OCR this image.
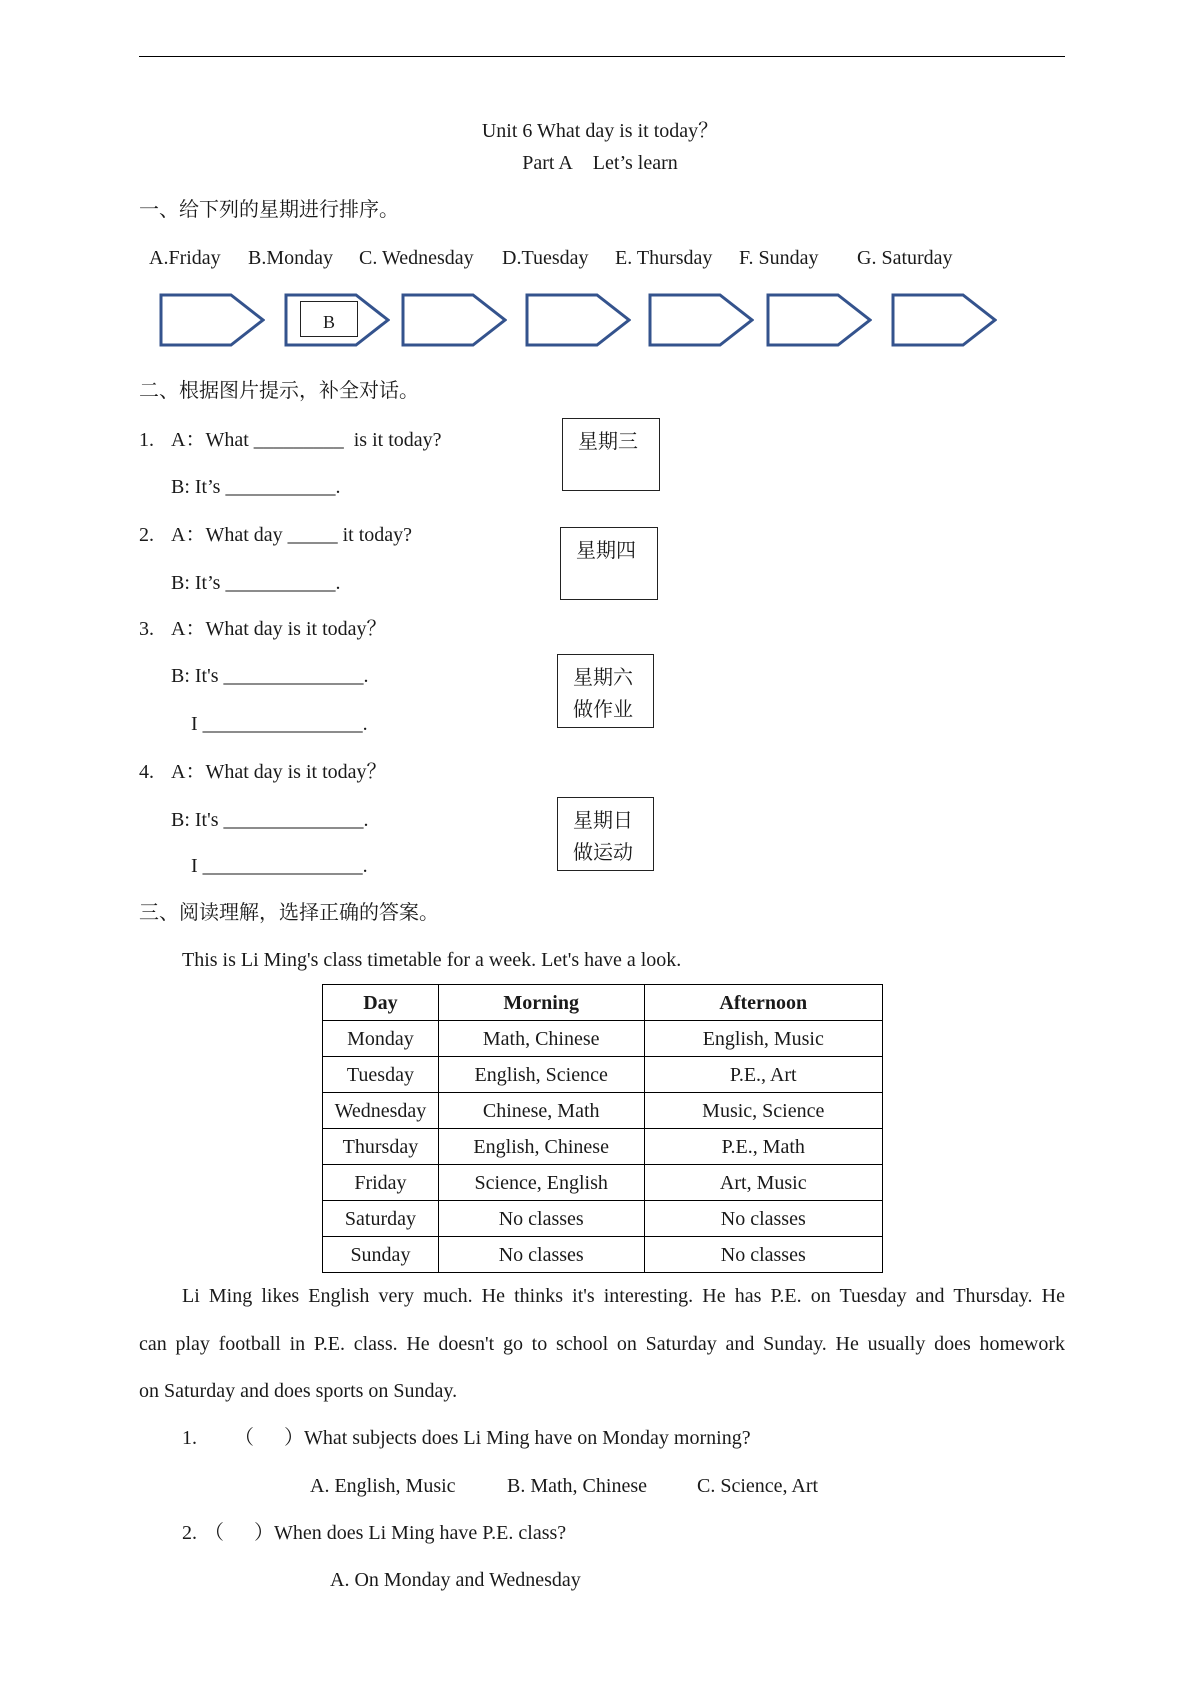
Unit 6 What day is it today？
Part A Let’s learn
一、给下列的星期进行排序。
A.Friday B.Monday C. Wednesday D.Tuesday E. Thursday F. Sunday G. Saturday
B
二、根据图片提示，补全对话。
1. A：What _________  is it today?
B: It’s ___________.
星期三
2. A：What day _____ it today?
B: It’s ___________.
星期四
3. A：What day is it today？
B: It's ______________.
I ________________.
星期六
做作业
4. A：What day is it today？
B: It's ______________.
I ________________.
星期日
做运动
三、阅读理解，选择正确的答案。
This is Li Ming's class timetable for a week. Let's have a look.
Day	Morning	Afternoon
Monday	Math, Chinese	English, Music
Tuesday	English, Science	P.E., Art
Wednesday	Chinese, Math	Music, Science
Thursday	English, Chinese	P.E., Math
Friday	Science, English	Art, Music
Saturday	No classes	No classes
Sunday	No classes	No classes
Li Ming likes English very much. He thinks it's interesting. He has P.E. on Tuesday and Thursday. He
can play football in P.E. class. He doesn't go to school on Saturday and Sunday. He usually does homework
on Saturday and does sports on Sunday.
1. （      ）What subjects does Li Ming have on Monday morning?
A. English, Music	B. Math, Chinese	C. Science, Art
2. （      ）When does Li Ming have P.E. class?
A. On Monday and Wednesday
